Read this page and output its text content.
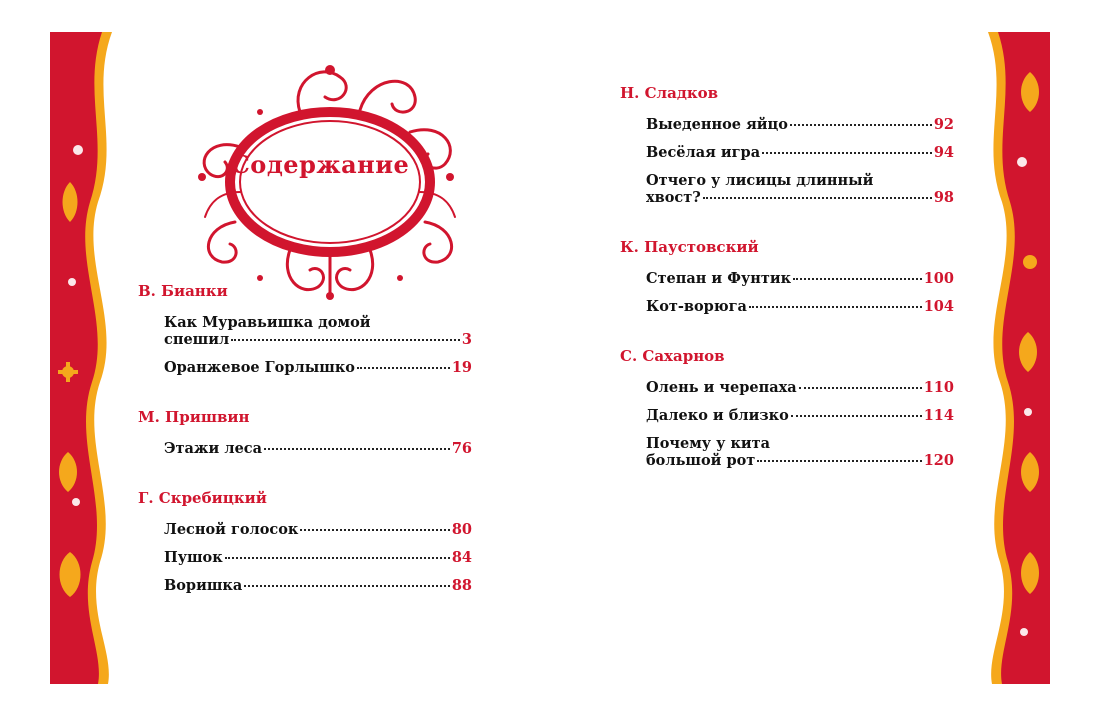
Содержание
В. Бианки
Как Муравьишка домой
спешил	3
Оранжевое Горлышко	19
М. Пришвин
Этажи леса	76
Г. Скребицкий
Лесной голосок	80
Пушок	84
Воришка	88
Н. Сладков
Выеденное яйцо	92
Весёлая игра	94
Отчего у лисицы длинный
хвост?	98
К. Паустовский
Степан и Фунтик	100
Кот-ворюга	104
С. Сахарнов
Олень и черепаха	110
Далеко и близко	114
Почему у кита
большой рот	120
